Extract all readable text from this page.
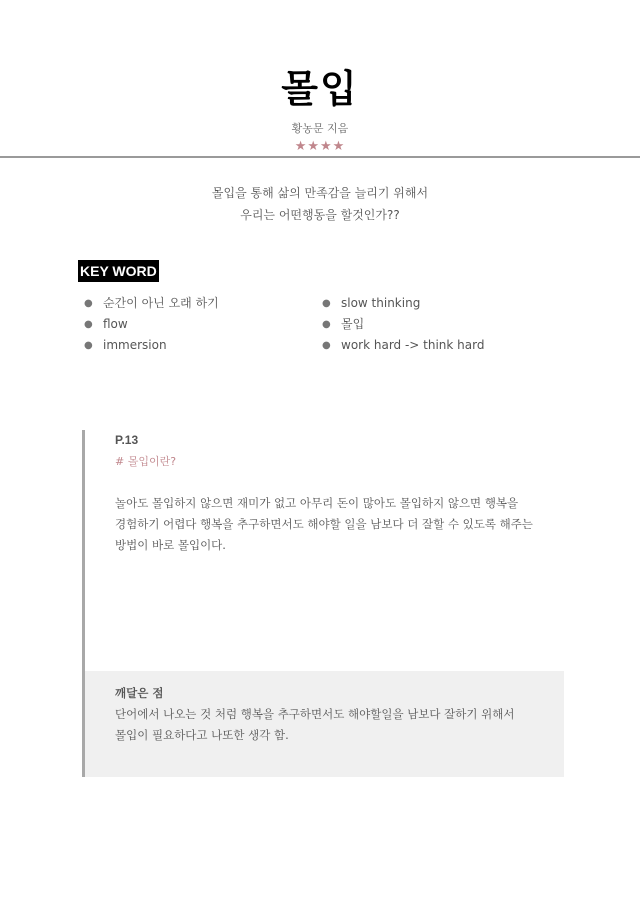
몰입
황농문 지음
★★★★
몰입을 통해 삶의 만족감을 늘리기 위해서
우리는 어떤행동을 할것인가??
KEY WORD
● 순간이 아닌 오래 하기
● flow
● immersion
● slow thinking
● 몰입
● work hard -> think hard
P.13
# 몰입이란?
놀아도 몰입하지 않으면 재미가 없고 아무리 돈이 많아도 몰입하지 않으면 행복을
경험하기 어렵다 행복을 추구하면서도 해야할 일을 남보다 더 잘할 수 있도록 해주는
방법이 바로 몰입이다.
깨달은 점
단어에서 나오는 것 처럼 행복을 추구하면서도 해야할일을 남보다 잘하기 위해서
몰입이 필요하다고 나또한 생각 함.
